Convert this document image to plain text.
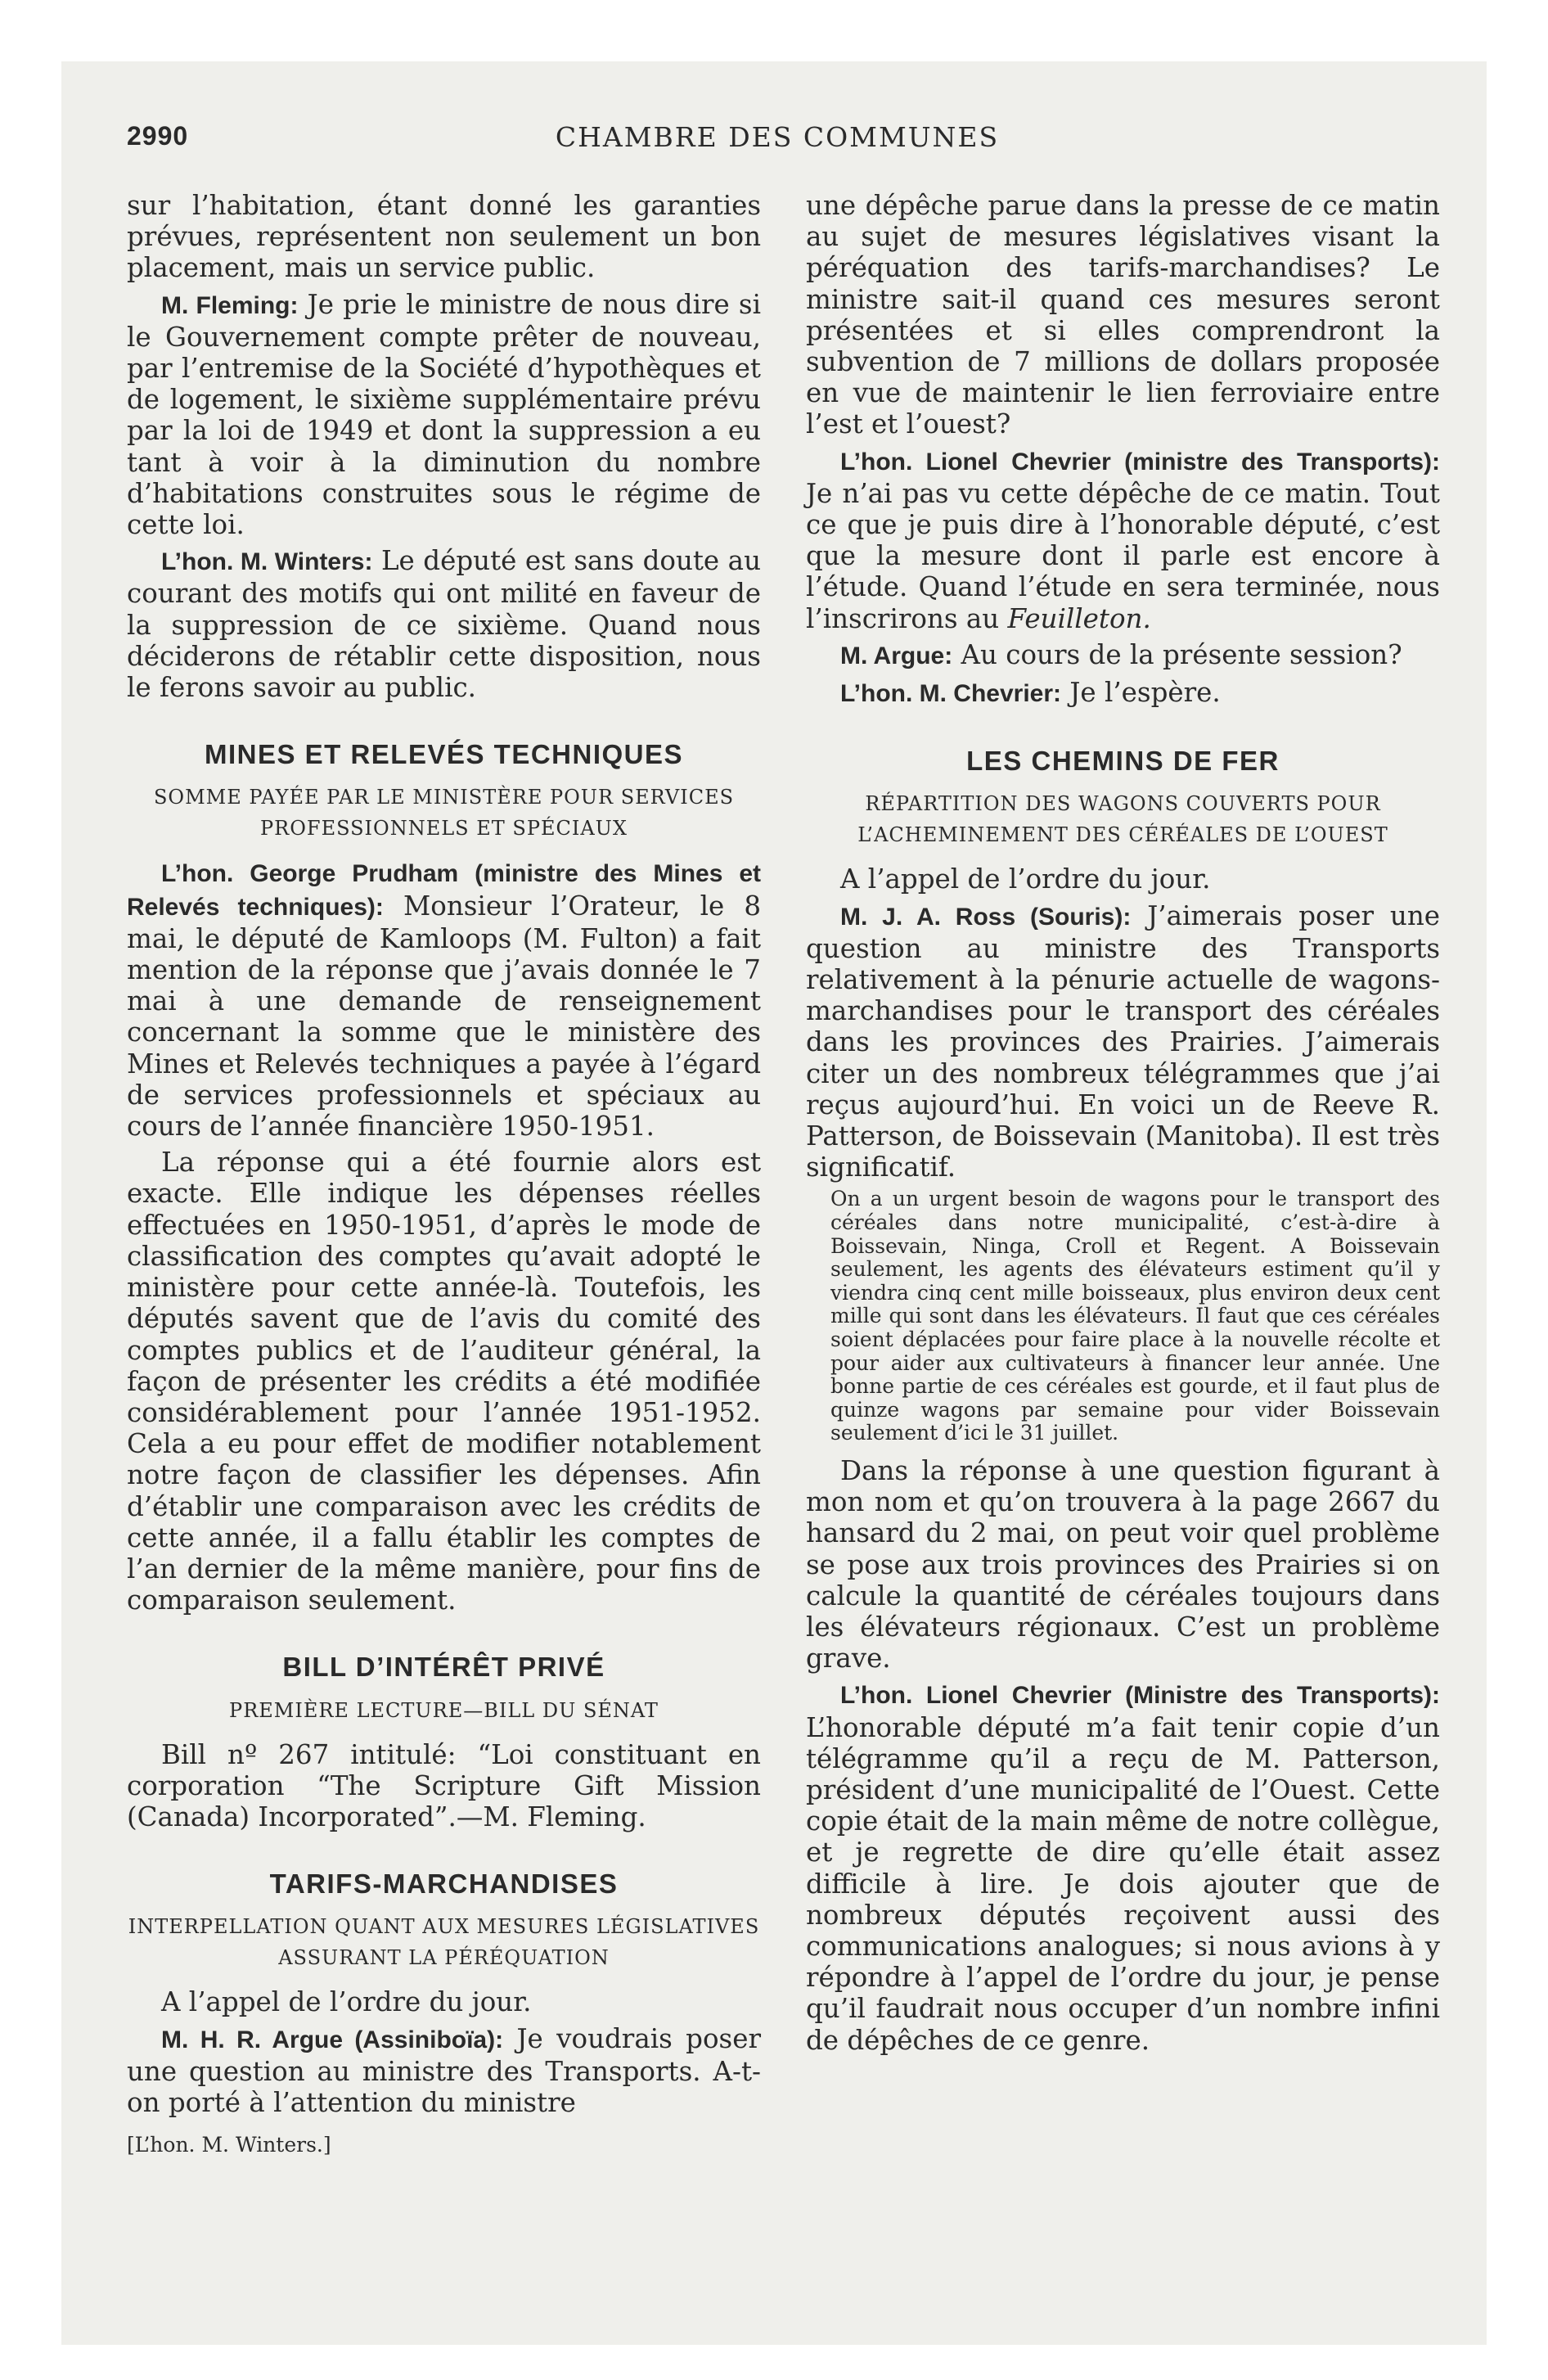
2990	CHAMBRE DES COMMUNES

sur l’habitation, étant donné les garanties prévues, représentent non seulement un bon placement, mais un service public.

M. Fleming: Je prie le ministre de nous dire si le Gouvernement compte prêter de nouveau, par l’entremise de la Société d’hypothèques et de logement, le sixième supplémentaire prévu par la loi de 1949 et dont la suppression a eu tant à voir à la diminution du nombre d’habitations construites sous le régime de cette loi.

L’hon. M. Winters: Le député est sans doute au courant des motifs qui ont milité en faveur de la suppression de ce sixième. Quand nous déciderons de rétablir cette disposition, nous le ferons savoir au public.

MINES ET RELEVÉS TECHNIQUES
SOMME PAYÉE PAR LE MINISTÈRE POUR SERVICES PROFESSIONNELS ET SPÉCIAUX

L’hon. George Prudham (ministre des Mines et Relevés techniques): Monsieur l’Orateur, le 8 mai, le député de Kamloops (M. Fulton) a fait mention de la réponse que j’avais donnée le 7 mai à une demande de renseignement concernant la somme que le ministère des Mines et Relevés techniques a payée à l’égard de services professionnels et spéciaux au cours de l’année financière 1950-1951.

La réponse qui a été fournie alors est exacte. Elle indique les dépenses réelles effectuées en 1950-1951, d’après le mode de classification des comptes qu’avait adopté le ministère pour cette année-là. Toutefois, les députés savent que de l’avis du comité des comptes publics et de l’auditeur général, la façon de présenter les crédits a été modifiée considérablement pour l’année 1951-1952. Cela a eu pour effet de modifier notablement notre façon de classifier les dépenses. Afin d’établir une comparaison avec les crédits de cette année, il a fallu établir les comptes de l’an dernier de la même manière, pour fins de comparaison seulement.

BILL D’INTÉRÊT PRIVÉ
PREMIÈRE LECTURE—BILL DU SÉNAT

Bill nº 267 intitulé: “Loi constituant en corporation “The Scripture Gift Mission (Canada) Incorporated”.—M. Fleming.

TARIFS-MARCHANDISES
INTERPELLATION QUANT AUX MESURES LÉGISLATIVES ASSURANT LA PÉRÉQUATION

A l’appel de l’ordre du jour.

M. H. R. Argue (Assiniboïa): Je voudrais poser une question au ministre des Transports. A-t-on porté à l’attention du ministre

[L’hon. M. Winters.]

une dépêche parue dans la presse de ce matin au sujet de mesures législatives visant la péréquation des tarifs-marchandises? Le ministre sait-il quand ces mesures seront présentées et si elles comprendront la subvention de 7 millions de dollars proposée en vue de maintenir le lien ferroviaire entre l’est et l’ouest?

L’hon. Lionel Chevrier (ministre des Transports): Je n’ai pas vu cette dépêche de ce matin. Tout ce que je puis dire à l’honorable député, c’est que la mesure dont il parle est encore à l’étude. Quand l’étude en sera terminée, nous l’inscrirons au Feuilleton.

M. Argue: Au cours de la présente session?

L’hon. M. Chevrier: Je l’espère.

LES CHEMINS DE FER
RÉPARTITION DES WAGONS COUVERTS POUR L’ACHEMINEMENT DES CÉRÉALES DE L’OUEST

A l’appel de l’ordre du jour.

M. J. A. Ross (Souris): J’aimerais poser une question au ministre des Transports relativement à la pénurie actuelle de wagons-marchandises pour le transport des céréales dans les provinces des Prairies. J’aimerais citer un des nombreux télégrammes que j’ai reçus aujourd’hui. En voici un de Reeve R. Patterson, de Boissevain (Manitoba). Il est très significatif.

On a un urgent besoin de wagons pour le transport des céréales dans notre municipalité, c’est-à-dire à Boissevain, Ninga, Croll et Regent. A Boissevain seulement, les agents des élévateurs estiment qu’il y viendra cinq cent mille boisseaux, plus environ deux cent mille qui sont dans les élévateurs. Il faut que ces céréales soient déplacées pour faire place à la nouvelle récolte et pour aider aux cultivateurs à financer leur année. Une bonne partie de ces céréales est gourde, et il faut plus de quinze wagons par semaine pour vider Boissevain seulement d’ici le 31 juillet.

Dans la réponse à une question figurant à mon nom et qu’on trouvera à la page 2667 du hansard du 2 mai, on peut voir quel problème se pose aux trois provinces des Prairies si on calcule la quantité de céréales toujours dans les élévateurs régionaux. C’est un problème grave.

L’hon. Lionel Chevrier (Ministre des Transports): L’honorable député m’a fait tenir copie d’un télégramme qu’il a reçu de M. Patterson, président d’une municipalité de l’Ouest. Cette copie était de la main même de notre collègue, et je regrette de dire qu’elle était assez difficile à lire. Je dois ajouter que de nombreux députés reçoivent aussi des communications analogues; si nous avions à y répondre à l’appel de l’ordre du jour, je pense qu’il faudrait nous occuper d’un nombre infini de dépêches de ce genre.
